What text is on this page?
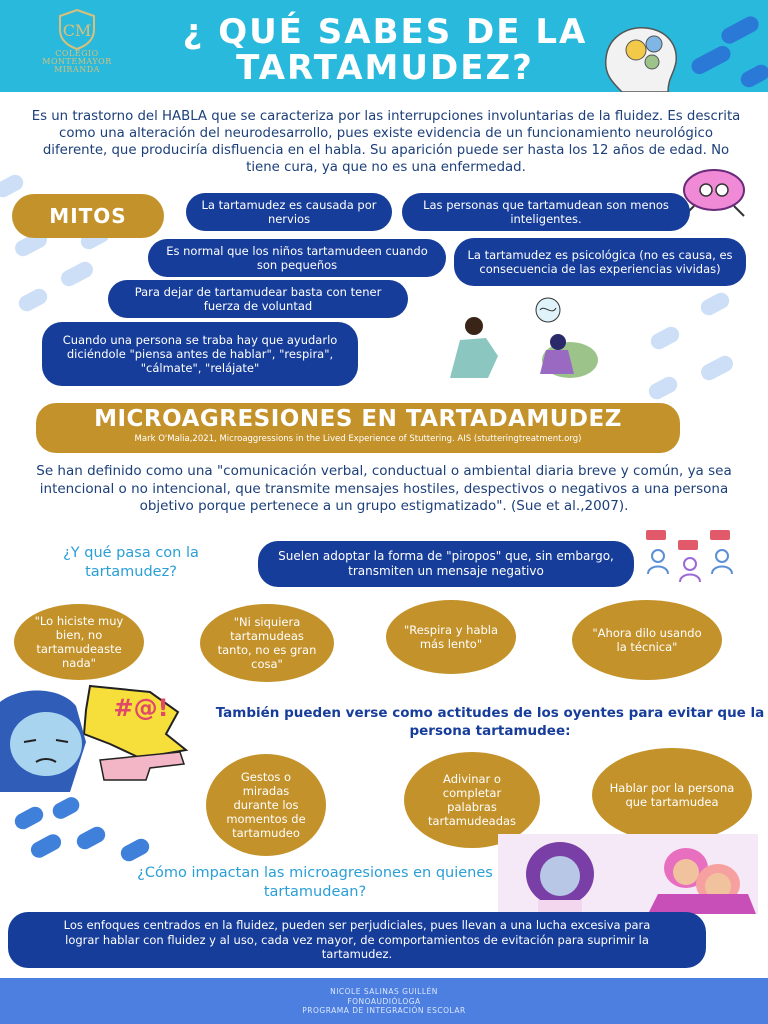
CM
COLEGIO
MONTEMAYOR
MIRANDA
¿ QUÉ SABES DE LA
TARTAMUDEZ?
Es un trastorno del HABLA que se caracteriza por las interrupciones involuntarias de la fluidez. Es descrita como una alteración del neurodesarrollo, pues existe evidencia de un funcionamiento neurológico diferente, que produciría disfluencia en el habla. Su aparición puede ser hasta los 12 años de edad. No tiene cura, ya que no es una enfermedad.
MITOS	La tartamudez es causada por nervios
Las personas que tartamudean son menos inteligentes.
Es normal que los niños tartamudeen cuando son pequeños
La tartamudez es psicológica (no es causa, es consecuencia de las experiencias vividas)
Para dejar de tartamudear basta con tener fuerza de voluntad
Cuando una persona se traba hay que ayudarlo diciéndole "piensa antes de hablar", "respira", "cálmate", "relájate"
MICROAGRESIONES EN TARTADAMUDEZ
Mark O'Malia,2021, Microaggressions in the Lived Experience of Stuttering. AIS (stutteringtreatment.org)
Se han definido como una "comunicación verbal, conductual o ambiental diaria breve y común, ya sea intencional o no intencional, que transmite mensajes hostiles, despectivos o negativos a una persona objetivo porque pertenece a un grupo estigmatizado". (Sue et al.,2007).
¿Y qué pasa con la tartamudez?
Suelen adoptar la forma de "piropos" que, sin embargo, transmiten un mensaje negativo
"Lo hiciste muy bien, no tartamudeaste nada"
"Ni siquiera tartamudeas tanto, no es gran cosa"
"Respira y habla más lento"
"Ahora dilo usando la técnica"
#@!	También pueden verse como actitudes de los oyentes para evitar que la persona tartamudee:
Gestos o miradas durante los momentos de tartamudeo
Adivinar o completar palabras tartamudeadas
Hablar por la persona que tartamudea
¿Cómo impactan las microagresiones en quienes tartamudean?
Los enfoques centrados en la fluidez, pueden ser perjudiciales, pues llevan a una lucha excesiva para lograr hablar con fluidez y al uso, cada vez mayor, de comportamientos de evitación para suprimir la tartamudez.
NICOLE SALINAS GUILLÉN
FONOAUDIÓLOGA
PROGRAMA DE INTEGRACIÓN ESCOLAR
